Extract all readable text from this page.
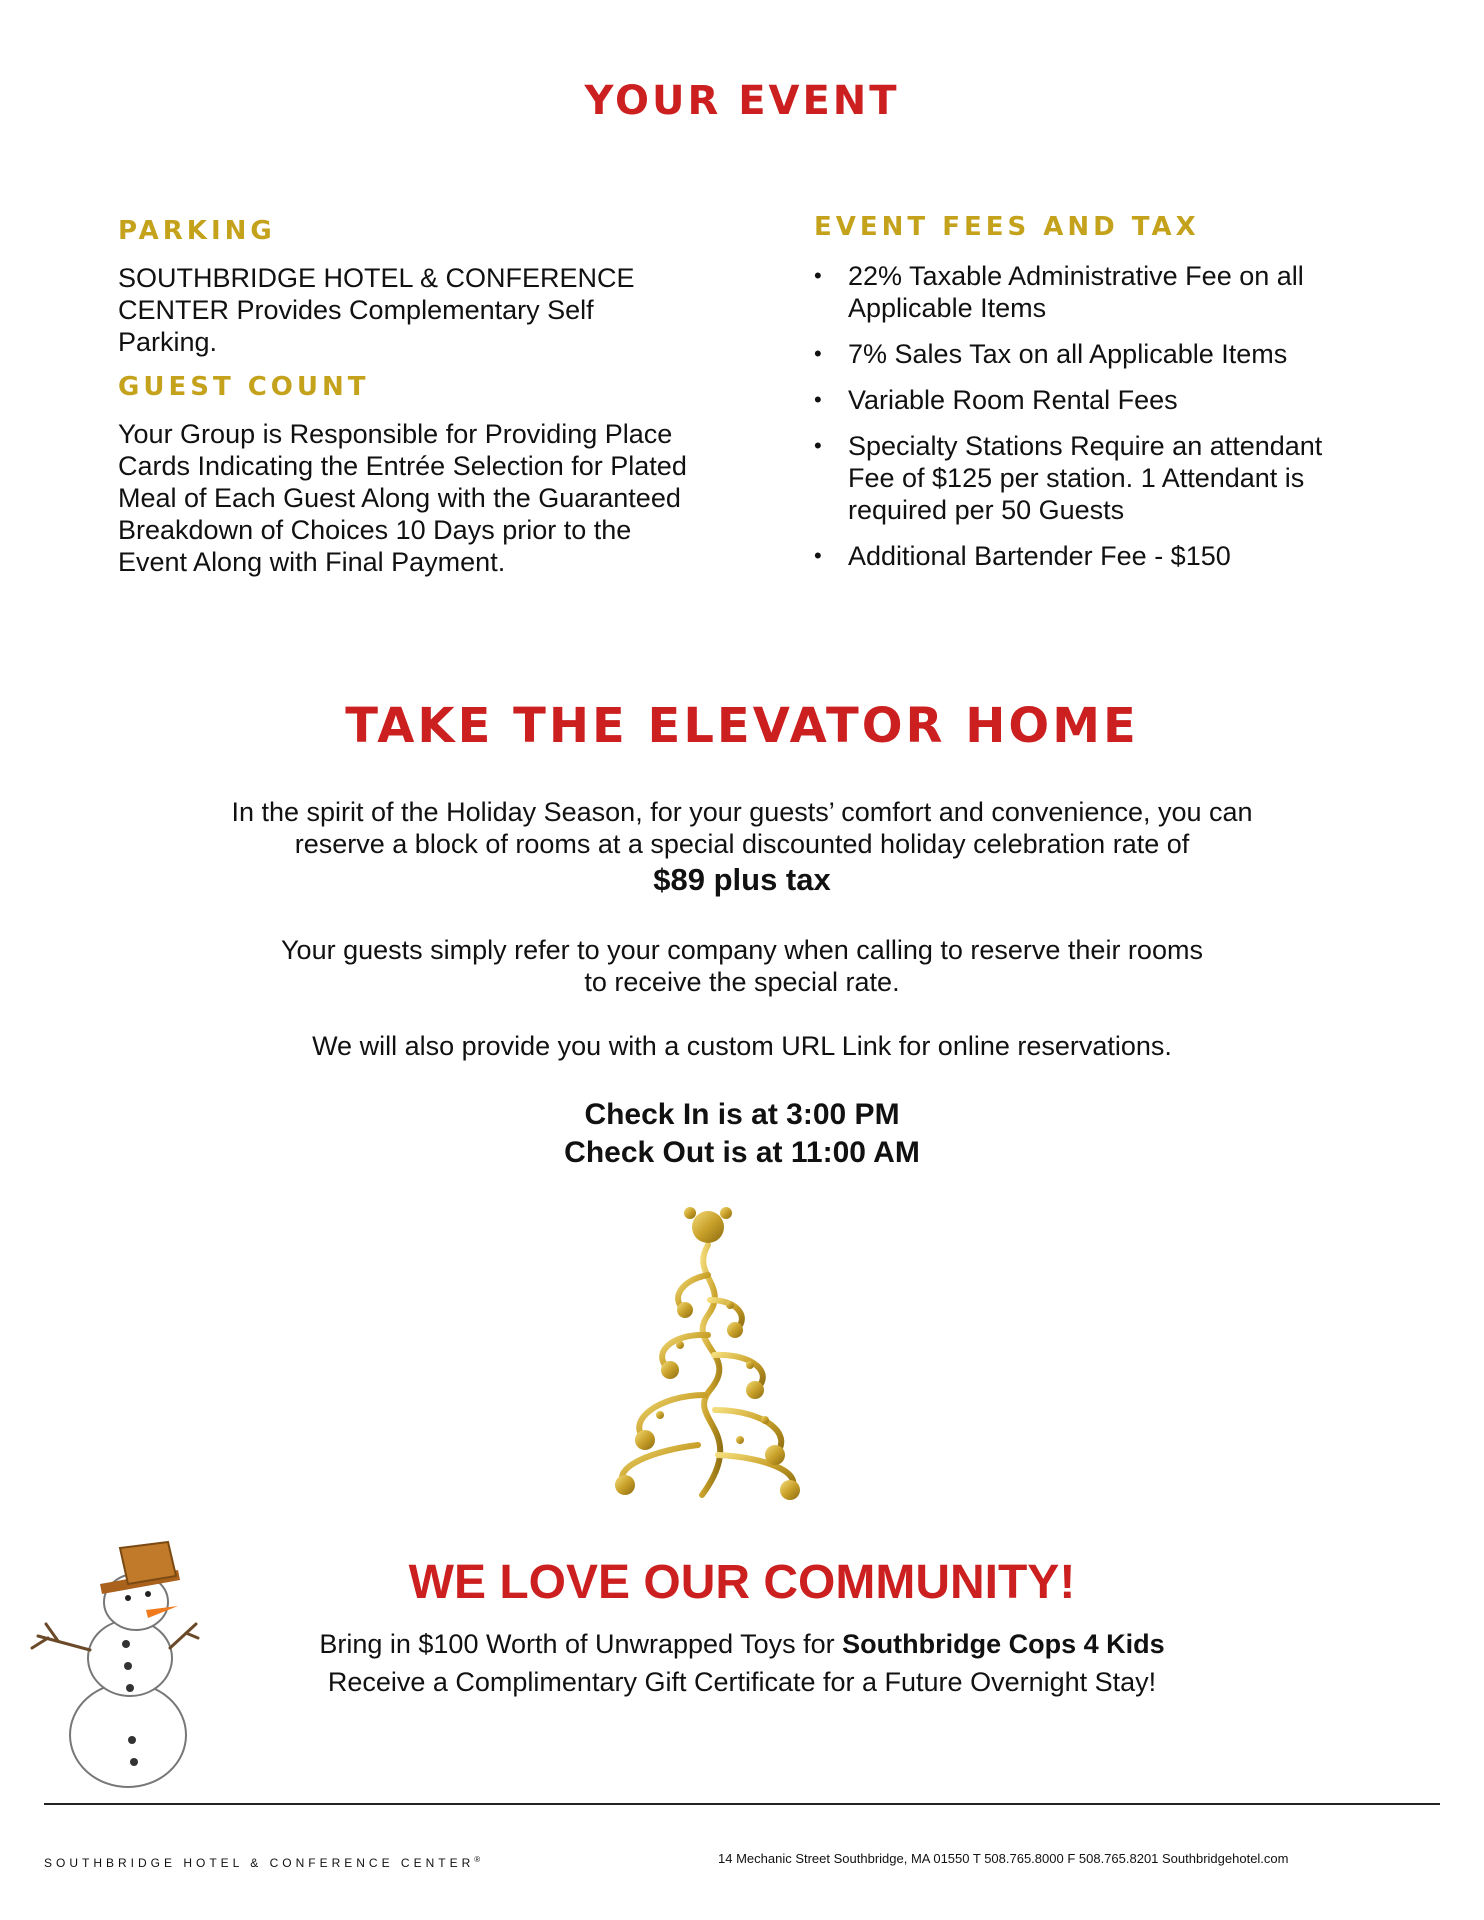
YOUR EVENT
PARKING
SOUTHBRIDGE HOTEL & CONFERENCE CENTER Provides Complementary Self Parking.
GUEST COUNT
Your Group is Responsible for Providing Place Cards Indicating the Entrée Selection for Plated Meal of Each Guest Along with the Guaranteed Breakdown of Choices 10 Days prior to the Event Along with Final Payment.
EVENT FEES AND TAX
• 22% Taxable Administrative Fee on all Applicable Items
• 7% Sales Tax on all Applicable Items
• Variable Room Rental Fees
• Specialty Stations Require an attendant Fee of $125 per station. 1 Attendant is required per 50 Guests
• Additional Bartender Fee - $150
TAKE THE ELEVATOR HOME
In the spirit of the Holiday Season, for your guests’ comfort and convenience, you can
reserve a block of rooms at a special discounted holiday celebration rate of
$89 plus tax
Your guests simply refer to your company when calling to reserve their rooms
to receive the special rate.
We will also provide you with a custom URL Link for online reservations.
Check In is at 3:00 PM
Check Out is at 11:00 AM
WE LOVE OUR COMMUNITY!
Bring in $100 Worth of Unwrapped Toys for Southbridge Cops 4 Kids
Receive a Complimentary Gift Certificate for a Future Overnight Stay!
SOUTHBRIDGE HOTEL & CONFERENCE CENTER®	14 Mechanic Street Southbridge, MA 01550 T 508.765.8000 F 508.765.8201 Southbridgehotel.com
